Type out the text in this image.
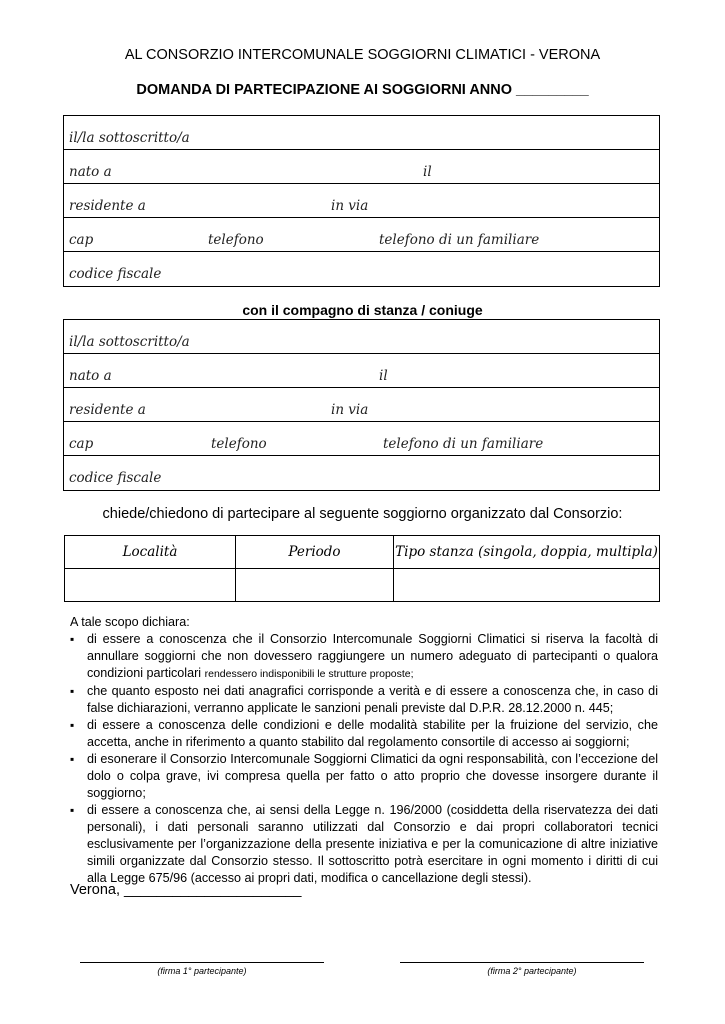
AL CONSORZIO INTERCOMUNALE SOGGIORNI CLIMATICI - VERONA
DOMANDA DI PARTECIPAZIONE AI SOGGIORNI ANNO _________
il/la sottoscritto/a
nato a	il
residente a	in via
cap	telefono	telefono di un familiare
codice fiscale
con il compagno di stanza / coniuge
il/la sottoscritto/a
nato a	il
residente a	in via
cap	telefono	telefono di un familiare
codice fiscale
chiede/chiedono di partecipare al seguente soggiorno organizzato dal Consorzio:
Località	Periodo	Tipo stanza (singola, doppia, multipla)

A tale scopo dichiara:
▪ di essere a conoscenza che il Consorzio Intercomunale Soggiorni Climatici si riserva la facoltà di annullare soggiorni che non dovessero raggiungere un numero adeguato di partecipanti o qualora condizioni particolari rendessero indisponibili le strutture proposte;
▪ che quanto esposto nei dati anagrafici corrisponde a verità e di essere a conoscenza che, in caso di false dichiarazioni, verranno applicate le sanzioni penali previste dal D.P.R. 28.12.2000 n. 445;
▪ di essere a conoscenza delle condizioni e delle modalità stabilite per la fruizione del servizio, che accetta, anche in riferimento a quanto stabilito dal regolamento consortile di accesso ai soggiorni;
▪ di esonerare il Consorzio Intercomunale Soggiorni Climatici da ogni responsabilità, con l’eccezione del dolo o colpa grave, ivi compresa quella per fatto o atto proprio che dovesse insorgere durante il soggiorno;
▪ di essere a conoscenza che, ai sensi della Legge n. 196/2000 (cosiddetta della riservatezza dei dati personali), i dati personali saranno utilizzati dal Consorzio e dai propri collaboratori tecnici esclusivamente per l’organizzazione della presente iniziativa e per la comunicazione di altre iniziative simili organizzate dal Consorzio stesso. Il sottoscritto potrà esercitare in ogni momento i diritti di cui alla Legge 675/96 (accesso ai propri dati, modifica o cancellazione degli stessi).
Verona, ______________________
(firma 1° partecipante)	(firma 2° partecipante)
